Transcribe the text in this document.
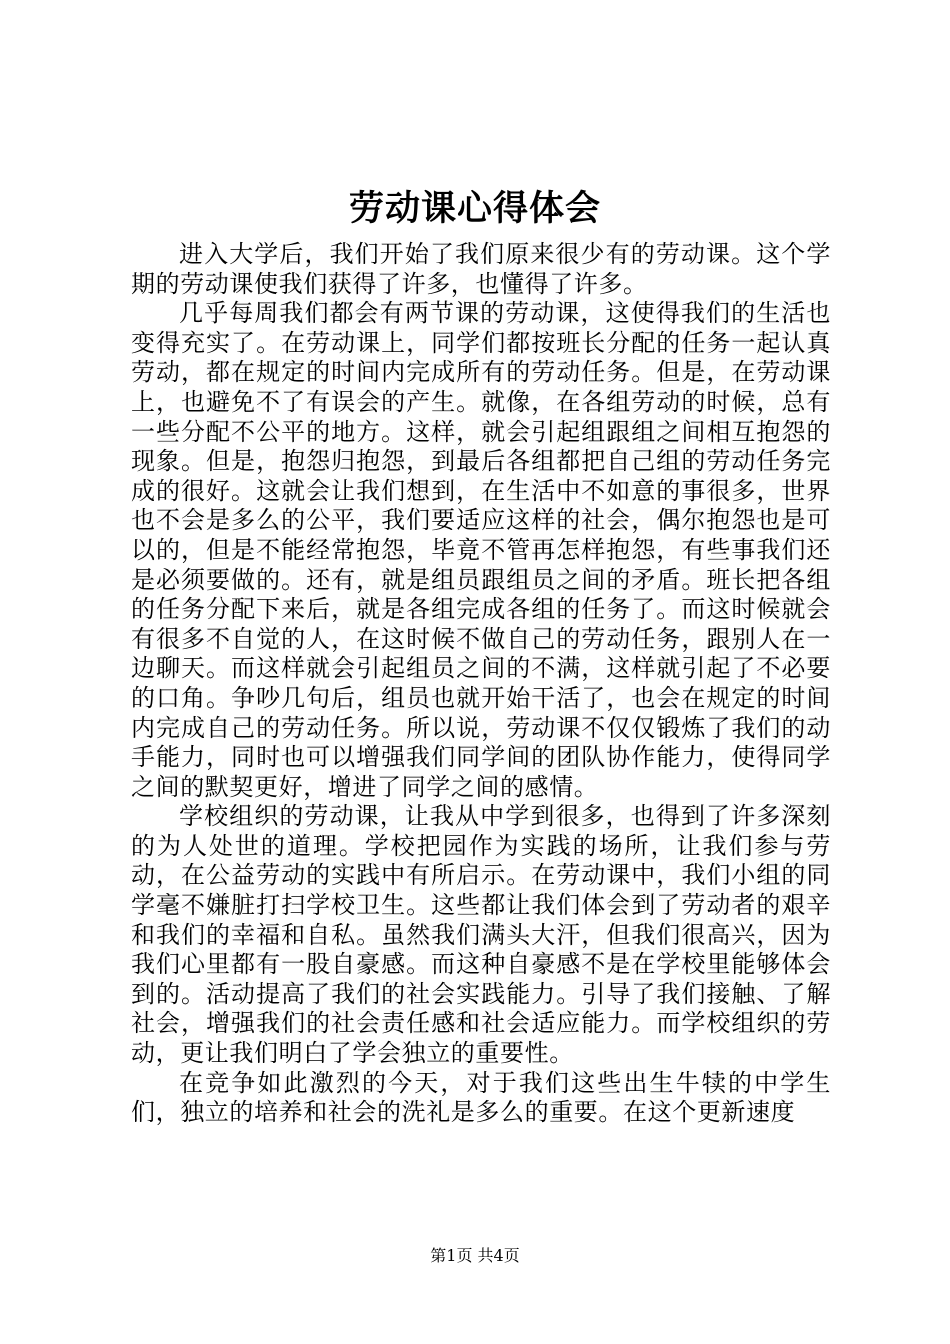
劳动课心得体会

进入大学后，我们开始了我们原来很少有的劳动课。这个学期的劳动课使我们获得了许多，也懂得了许多。

几乎每周我们都会有两节课的劳动课，这使得我们的生活也变得充实了。在劳动课上，同学们都按班长分配的任务一起认真劳动，都在规定的时间内完成所有的劳动任务。但是，在劳动课上，也避免不了有误会的产生。就像，在各组劳动的时候，总有一些分配不公平的地方。这样，就会引起组跟组之间相互抱怨的现象。但是，抱怨归抱怨，到最后各组都把自己组的劳动任务完成的很好。这就会让我们想到，在生活中不如意的事很多，世界也不会是多么的公平，我们要适应这样的社会，偶尔抱怨也是可以的，但是不能经常抱怨，毕竟不管再怎样抱怨，有些事我们还是必须要做的。还有，就是组员跟组员之间的矛盾。班长把各组的任务分配下来后，就是各组完成各组的任务了。而这时候就会有很多不自觉的人，在这时候不做自己的劳动任务，跟别人在一边聊天。而这样就会引起组员之间的不满，这样就引起了不必要的口角。争吵几句后，组员也就开始干活了，也会在规定的时间内完成自己的劳动任务。所以说，劳动课不仅仅锻炼了我们的动手能力，同时也可以增强我们同学间的团队协作能力，使得同学之间的默契更好，增进了同学之间的感情。

学校组织的劳动课，让我从中学到很多，也得到了许多深刻的为人处世的道理。学校把园作为实践的场所，让我们参与劳动，在公益劳动的实践中有所启示。在劳动课中，我们小组的同学毫不嫌脏打扫学校卫生。这些都让我们体会到了劳动者的艰辛和我们的幸福和自私。虽然我们满头大汗，但我们很高兴，因为我们心里都有一股自豪感。而这种自豪感不是在学校里能够体会到的。活动提高了我们的社会实践能力。引导了我们接触、了解社会，增强我们的社会责任感和社会适应能力。而学校组织的劳动，更让我们明白了学会独立的重要性。

在竞争如此激烈的今天，对于我们这些出生牛犊的中学生们，独立的培养和社会的洗礼是多么的重要。在这个更新速度

第1页 共4页
